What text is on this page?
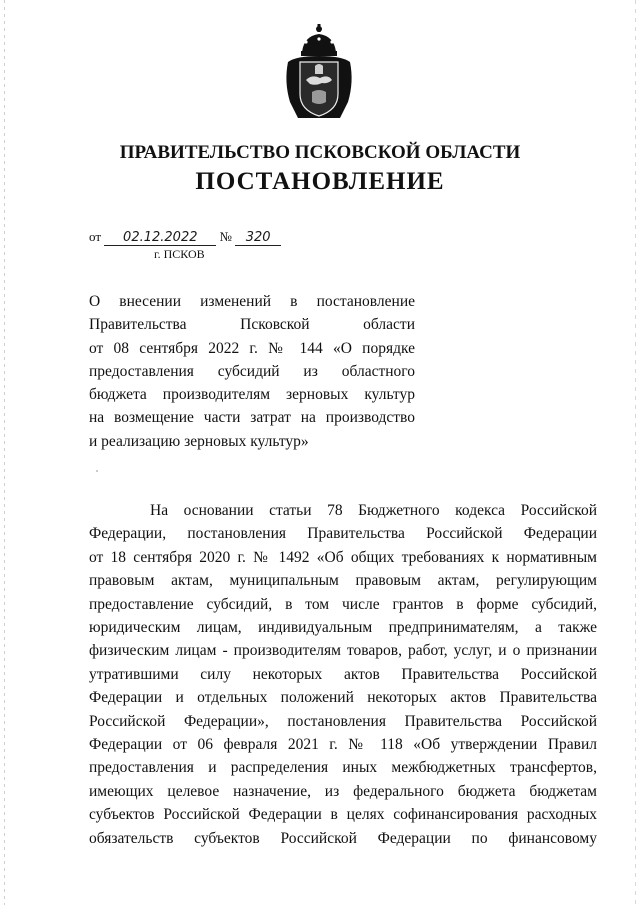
ПРАВИТЕЛЬСТВО ПСКОВСКОЙ ОБЛАСТИ
ПОСТАНОВЛЕНИЕ
от 02.12.2022 № 320
г. ПСКОВ
О внесении изменений в постановление
Правительства Псковской области
от 08 сентября 2022 г. № 144 «О порядке
предоставления субсидий из областного
бюджета производителям зерновых культур
на возмещение части затрат на производство
и реализацию зерновых культур»
На основании статьи 78 Бюджетного кодекса Российской
Федерации, постановления Правительства Российской Федерации
от 18 сентября 2020 г. № 1492 «Об общих требованиях к нормативным
правовым актам, муниципальным правовым актам, регулирующим
предоставление субсидий, в том числе грантов в форме субсидий,
юридическим лицам, индивидуальным предпринимателям, а также
физическим лицам - производителям товаров, работ, услуг, и о признании
утратившими силу некоторых актов Правительства Российской
Федерации и отдельных положений некоторых актов Правительства
Российской Федерации», постановления Правительства Российской
Федерации от 06 февраля 2021 г. № 118 «Об утверждении Правил
предоставления и распределения иных межбюджетных трансфертов,
имеющих целевое назначение, из федерального бюджета бюджетам
субъектов Российской Федерации в целях софинансирования расходных
обязательств субъектов Российской Федерации по финансовому
